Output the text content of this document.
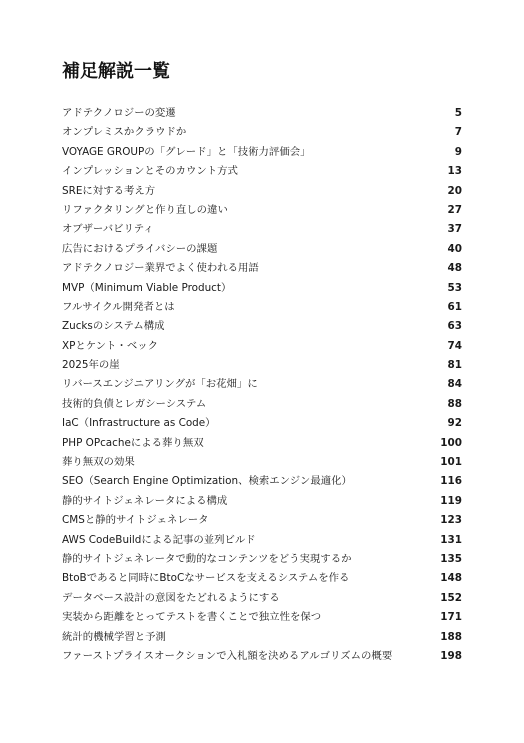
補足解説一覧
アドテクノロジーの変遷	5
オンプレミスかクラウドか	7
VOYAGE GROUPの「グレード」と「技術力評価会」	9
インプレッションとそのカウント方式	13
SREに対する考え方	20
リファクタリングと作り直しの違い	27
オブザーバビリティ	37
広告におけるプライバシーの課題	40
アドテクノロジー業界でよく使われる用語	48
MVP（Minimum Viable Product）	53
フルサイクル開発者とは	61
Zucksのシステム構成	63
XPとケント・ベック	74
2025年の崖	81
リバースエンジニアリングが「お花畑」に	84
技術的負債とレガシーシステム	88
IaC（Infrastructure as Code）	92
PHP OPcacheによる葬り無双	100
葬り無双の効果	101
SEO（Search Engine Optimization、検索エンジン最適化）	116
静的サイトジェネレータによる構成	119
CMSと静的サイトジェネレータ	123
AWS CodeBuildによる記事の並列ビルド	131
静的サイトジェネレータで動的なコンテンツをどう実現するか	135
BtoBであると同時にBtoCなサービスを支えるシステムを作る	148
データベース設計の意図をたどれるようにする	152
実装から距離をとってテストを書くことで独立性を保つ	171
統計的機械学習と予測	188
ファーストプライスオークションで入札額を決めるアルゴリズムの概要	198
